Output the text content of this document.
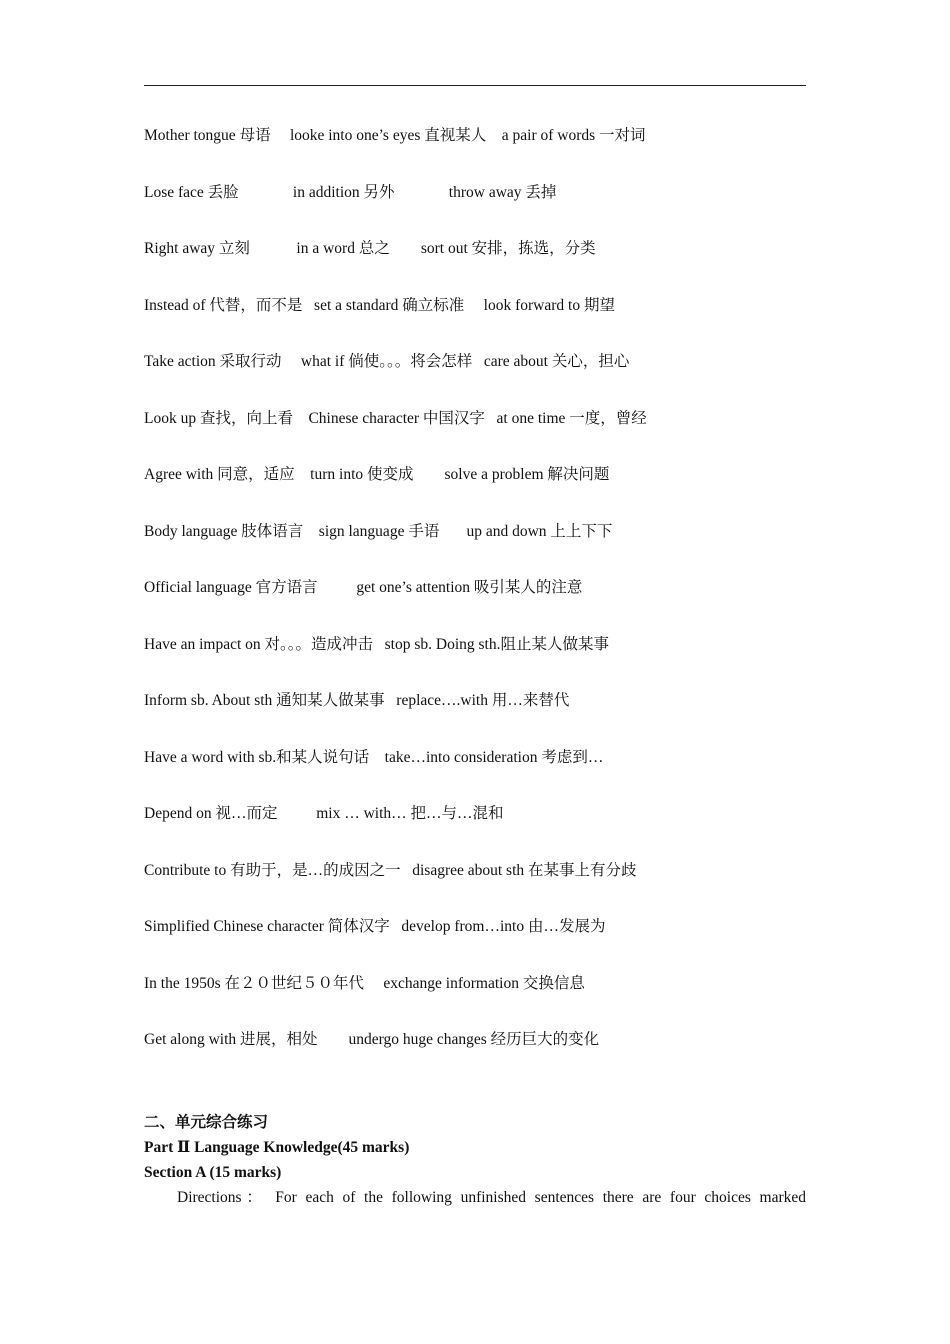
Mother tongue 母语     looke into one’s eyes 直视某人    a pair of words 一对词
Lose face 丢脸              in addition 另外              throw away 丢掉
Right away 立刻            in a word 总之        sort out 安排，拣选，分类
Instead of 代替，而不是   set a standard 确立标准     look forward to 期望
Take action 采取行动     what if 倘使。。。将会怎样   care about 关心，担心
Look up 查找，向上看    Chinese character 中国汉字   at one time 一度，曾经
Agree with 同意，适应    turn into 使变成        solve a problem 解决问题
Body language 肢体语言    sign language 手语       up and down 上上下下
Official language 官方语言          get one’s attention 吸引某人的注意
Have an impact on 对。。。造成冲击   stop sb. Doing sth.阻止某人做某事
Inform sb. About sth 通知某人做某事   replace….with 用…来替代
Have a word with sb.和某人说句话    take…into consideration 考虑到…
Depend on 视…而定          mix … with… 把…与…混和
Contribute to 有助于，是…的成因之一   disagree about sth 在某事上有分歧
Simplified Chinese character 简体汉字   develop from…into 由…发展为
In the 1950s 在２０世纪５０年代     exchange information 交换信息
Get along with 进展，相处        undergo huge changes 经历巨大的变化
二、单元综合练习
Part Ⅱ Language Knowledge(45 marks)
Section A (15 marks)
Directions： For each of the following unfinished sentences there are four choices marked
